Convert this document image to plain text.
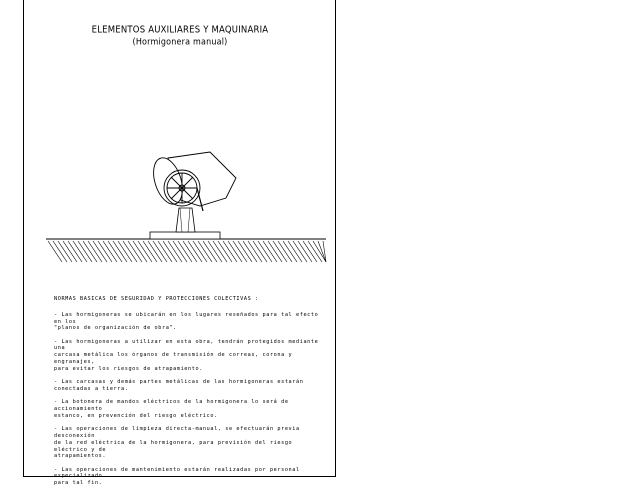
ELEMENTOS AUXILIARES Y MAQUINARIA
(Hormigonera manual)
NORMAS BASICAS DE SEGURIDAD Y PROTECCIONES COLECTIVAS :

- Las hormigoneras se ubicarán en los lugares reseñados para tal efecto en los
"planos de organización de obra".

- Las hormigoneras a utilizar en esta obra, tendrán protegidos mediante una
carcasa metálica los órganos de transmisión de correas, corona y engranajes,
para evitar los riesgos de atrapamiento.

- Las carcasas y demás partes metálicas de las hormigoneras estarán
conectadas a tierra.

- La botonera de mandos eléctricos de la hormigonera lo será de accionamiento
estanco, en prevención del riesgo eléctrico.

- Las operaciones de limpieza directa-manual, se efectuarán previa desconexión
de la red eléctrica de la hormigonera, para previsión del riesgo eléctrico y de
atrapamientos.

- Las operaciones de mantenimiento estarán realizadas por personal especializado
para tal fin.
